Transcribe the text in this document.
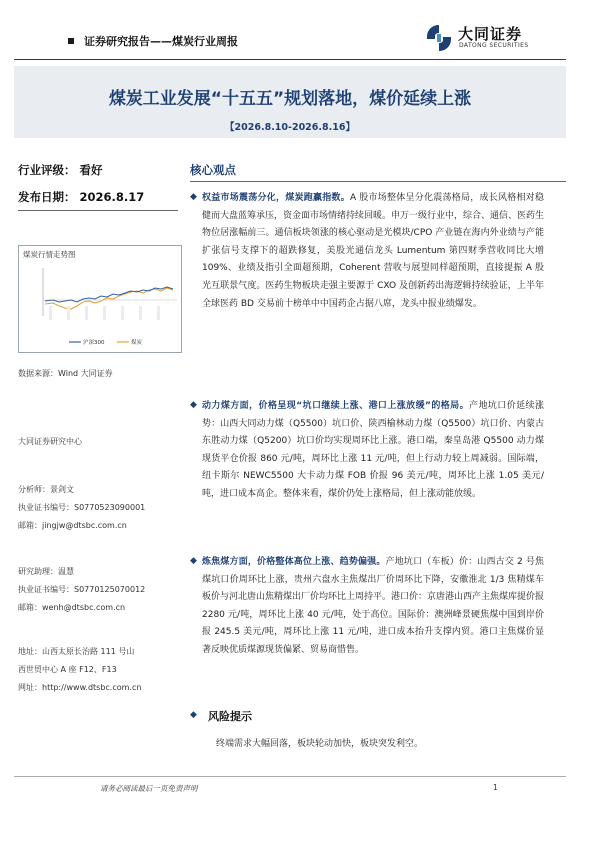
证券研究报告——煤炭行业周报	大同证券
DATONG SECURITIES
煤炭工业发展“十五五”规划落地，煤价延续上涨
【2026.8.10-2026.8.16】
行业评级： 看好
发布日期： 2026.8.17
煤炭行情走势图
沪深300	煤炭
数据来源：Wind 大同证券
大同证券研究中心
分析师：景剑文
执业证书编号：S0770523090001
邮箱：jingjw@dtsbc.com.cn
研究助理：温慧
执业证书编号：S0770125070012
邮箱：wenh@dtsbc.com.cn
地址：山西太原长治路 111 号山
西世贸中心 A 座 F12、F13
网址：http://www.dtsbc.com.cn
核心观点
◆ 权益市场震荡分化，煤炭跑赢指数。A 股市场整体呈分化震荡格局，成长风格相对稳健而大盘蓝筹承压，资金面市场情绪持续回暖。申万一级行业中，综合、通信、医药生物位居涨幅前三。通信板块领涨的核心驱动是光模块/CPO 产业链在海内外业绩与产能扩张信号支撑下的超跌修复，美股光通信龙头 Lumentum 第四财季营收同比大增 109%、业绩及指引全面超预期，Coherent 营收与展望同样超预期，直接提振 A 股光互联景气度。医药生物板块走强主要源于 CXO 及创新药出海逻辑持续验证，上半年全球医药 BD 交易前十榜单中中国药企占据八席，龙头中报业绩爆发。
◆ 动力煤方面，价格呈现“坑口继续上涨、港口上涨放缓”的格局。产地坑口价延续涨势：山西大同动力煤（Q5500）坑口价、陕西榆林动力煤（Q5500）坑口价、内蒙古东胜动力煤（Q5200）坑口价均实现周环比上涨。港口端，秦皇岛港 Q5500 动力煤现货平仓价报 860 元/吨，周环比上涨 11 元/吨，但上行动力较上周减弱。国际端，纽卡斯尔 NEWC5500 大卡动力煤 FOB 价报 96 美元/吨，周环比上涨 1.05 美元/吨，进口成本高企。整体来看，煤价仍处上涨格局，但上涨动能放缓。
◆ 炼焦煤方面，价格整体高位上涨、趋势偏强。产地坑口（车板）价：山西古交 2 号焦煤坑口价周环比上涨，贵州六盘水主焦煤出厂价周环比下降，安徽淮北 1/3 焦精煤车板价与河北唐山焦精煤出厂价均环比上周持平。港口价：京唐港山西产主焦煤库提价报 2280 元/吨，周环比上涨 40 元/吨，处于高位。国际价：澳洲峰景硬焦煤中国到岸价报 245.5 美元/吨，周环比上涨 11 元/吨，进口成本抬升支撑内贸。港口主焦煤价显著反映优质煤源现货偏紧、贸易商惜售。
◆ 风险提示
终端需求大幅回落，板块轮动加快，板块突发利空。
请务必阅读最后一页免责声明	1
